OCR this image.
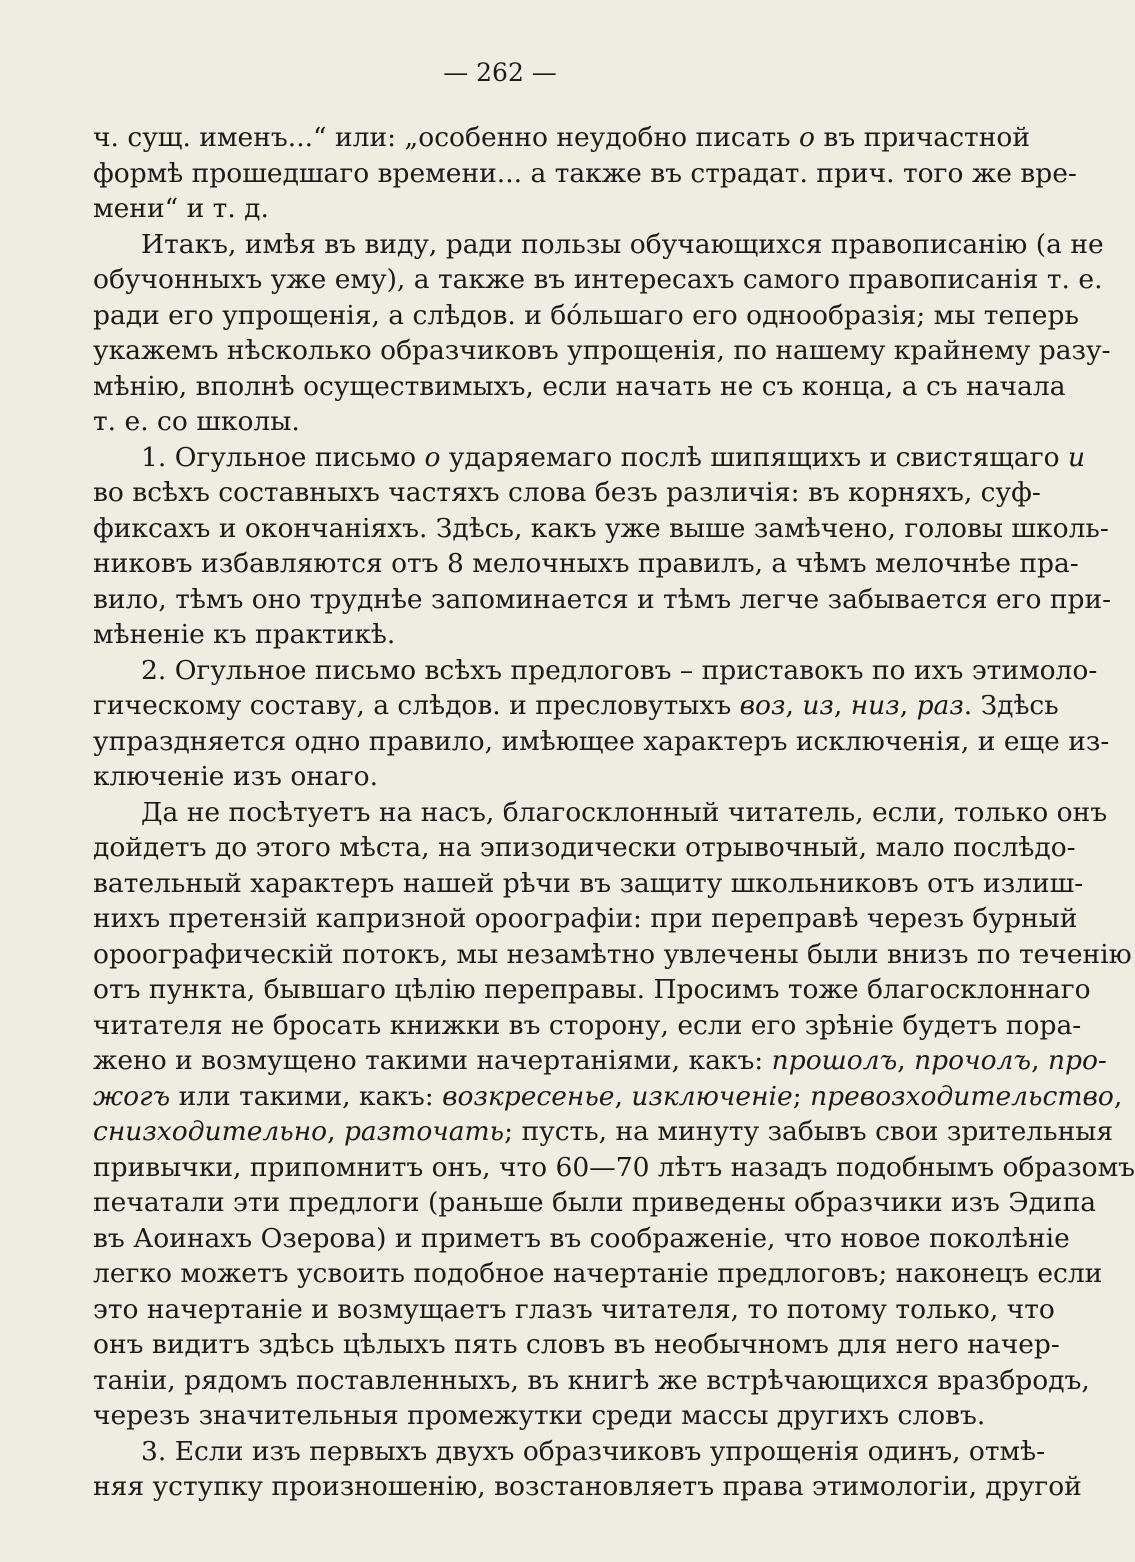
— 262 —
ч. сущ. именъ...“ или: „особенно неудобно писать о въ причастной
формѣ прошедшаго времени... а также въ страдат. прич. того же вре-
мени“ и т. д.
Итакъ, имѣя въ виду, ради пользы обучающихся правописанію (а не
обучонныхъ уже ему), а также въ интересахъ самого правописанія т. е.
ради его упрощенія, а слѣдов. и бóльшаго его однообразія; мы теперь
укажемъ нѣсколько образчиковъ упрощенія, по нашему крайнему разу-
мѣнію, вполнѣ осуществимыхъ, если начать не съ конца, а съ начала
т. е. со школы.
1. Огульное письмо о ударяемаго послѣ шипящихъ и свистящаго и
во всѣхъ составныхъ частяхъ слова безъ различія: въ корняхъ, суф-
фиксахъ и окончаніяхъ. Здѣсь, какъ уже выше замѣчено, головы школь-
никовъ избавляются отъ 8 мелочныхъ правилъ, а чѣмъ мелочнѣе пра-
вило, тѣмъ оно труднѣе запоминается и тѣмъ легче забывается его при-
мѣненіе къ практикѣ.
2. Огульное письмо всѣхъ предлоговъ – приставокъ по ихъ этимоло-
гическому составу, а слѣдов. и пресловутыхъ воз, из, низ, раз. Здѣсь
упраздняется одно правило, имѣющее характеръ исключенія, и еще из-
ключеніе изъ онаго.
Да не посѣтуетъ на насъ, благосклонный читатель, если, только онъ
дойдетъ до этого мѣста, на эпизодически отрывочный, мало послѣдо-
вательный характеръ нашей рѣчи въ защиту школьниковъ отъ излиш-
нихъ претензій капризной ороографіи: при переправѣ черезъ бурный
ороографическій потокъ, мы незамѣтно увлечены были внизъ по теченію
отъ пункта, бывшаго цѣлію переправы. Просимъ тоже благосклоннаго
читателя не бросать книжки въ сторону, если его зрѣніе будетъ пора-
жено и возмущено такими начертаніями, какъ: прошолъ, прочолъ, про-
жогъ или такими, какъ: возкресенье, изключеніе; превозходительство,
снизходительно, разточать; пусть, на минуту забывъ свои зрительныя
привычки, припомнитъ онъ, что 60—70 лѣтъ назадъ подобнымъ образомъ
печатали эти предлоги (раньше были приведены образчики изъ Эдипа
въ Аоинахъ Озерова) и приметъ въ соображеніе, что новое поколѣніе
легко можетъ усвоить подобное начертаніе предлоговъ; наконецъ если
это начертаніе и возмущаетъ глазъ читателя, то потому только, что
онъ видитъ здѣсь цѣлыхъ пять словъ въ необычномъ для него начер-
таніи, рядомъ поставленныхъ, въ книгѣ же встрѣчающихся вразбродъ,
черезъ значительныя промежутки среди массы другихъ словъ.
3. Если изъ первыхъ двухъ образчиковъ упрощенія одинъ, отмѣ-
няя уступку произношенію, возстановляетъ права этимологіи, другой
